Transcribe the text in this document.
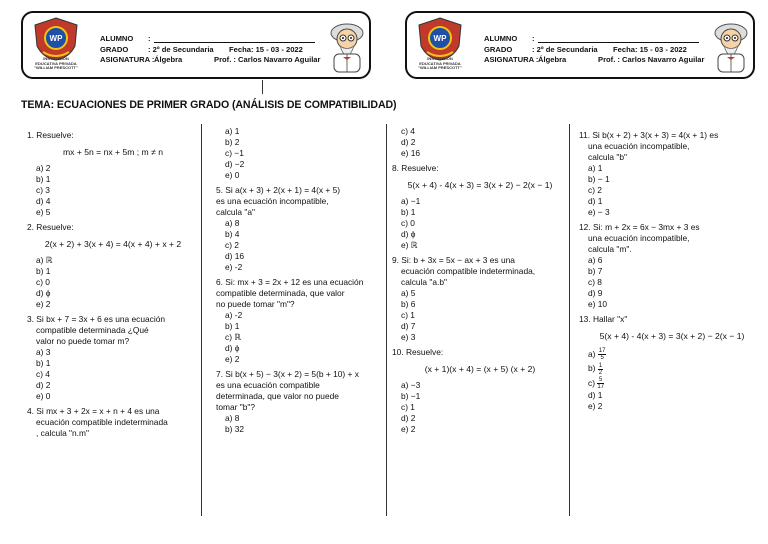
WP
INSTITUCIÓN
EDUCATIVA PRIVADA
"WILLIAM PRESCOTT"
ALUMNO :
GRADO	: 2º de Secundaria Fecha: 15 - 03 - 2022
ASIGNATURA : Álgebra	Prof. : Carlos Navarro Aguilar
WP
INSTITUCIÓN
EDUCATIVA PRIVADA
"WILLIAM PRESCOTT"
ALUMNO :
GRADO	: 2º de Secundaria Fecha: 15 - 03 - 2022
ASIGNATURA : Álgebra	Prof. : Carlos Navarro Aguilar
TEMA: ECUACIONES DE PRIMER GRADO (ANÁLISIS DE COMPATIBILIDAD)

1. Resuelve:

mx + 5n = nx + 5m ; m ≠ n

a) 2

b) 1

c) 3

d) 4

e) 5

2. Resuelve:

2(x + 2) + 3(x + 4) = 4(x + 4) + x + 2

a) ℝ

b) 1

c) 0

d) ϕ

e) 2

3. Si bx + 7 = 3x + 6 es una ecuación

compatible determinada ¿Qué

valor no puede tomar m?

a) 3

b) 1

c) 4

d) 2

e) 0

4. Si mx + 3 + 2x = x + n + 4 es una

ecuación compatible indeterminada

, calcula "n.m"

a) 1

b) 2

c) −1

d) −2

e) 0

5. Si a(x + 3) + 2(x + 1) = 4(x + 5)

es una ecuación incompatible,

calcula "a"

a) 8

b) 4

c) 2

d) 16

e) -2

6. Si: mx + 3 = 2x + 12 es una ecuación

compatible determinada, que valor

no puede tomar "m"?

a) -2

b) 1

c) ℝ

d) ϕ

e) 2

7. Si b(x + 5) − 3(x + 2) = 5(b + 10) + x

es una ecuación compatible

determinada, que valor no puede

tomar "b"?

a) 8

b) 32

c) 4

d) 2

e) 16

8. Resuelve:

5(x + 4) - 4(x + 3) = 3(x + 2) − 2(x − 1)

a) −1

b) 1

c) 0

d) ϕ

e) ℝ

9. Si: b + 3x = 5x − ax + 3 es una

ecuación compatible indeterminada,

calcula "a.b"

a) 5

b) 6

c) 1

d) 7

e) 3

10. Resuelve:

(x + 1)(x + 4) = (x + 5) (x + 2)

a) −3

b) −1

c) 1

d) 2

e) 2

11. Si b(x + 2) + 3(x + 3) = 4(x + 1) es

una ecuación incompatible,

calcula "b"

a) 1

b) − 1

c) 2

d) 1

e) − 3

12. Si: m + 2x = 6x − 3mx + 3 es

una ecuación incompatible,

calcula "m".

a) 6

b) 7

c) 8

d) 9

e) 10

13. Hallar "x"

5(x + 4) - 4(x + 3) = 3(x + 2) − 2(x − 1)

$a) \frac{17}{5}$

$b) \frac{1}{2}$

$c) \frac{5}{17}$

d) 1

e) 2
